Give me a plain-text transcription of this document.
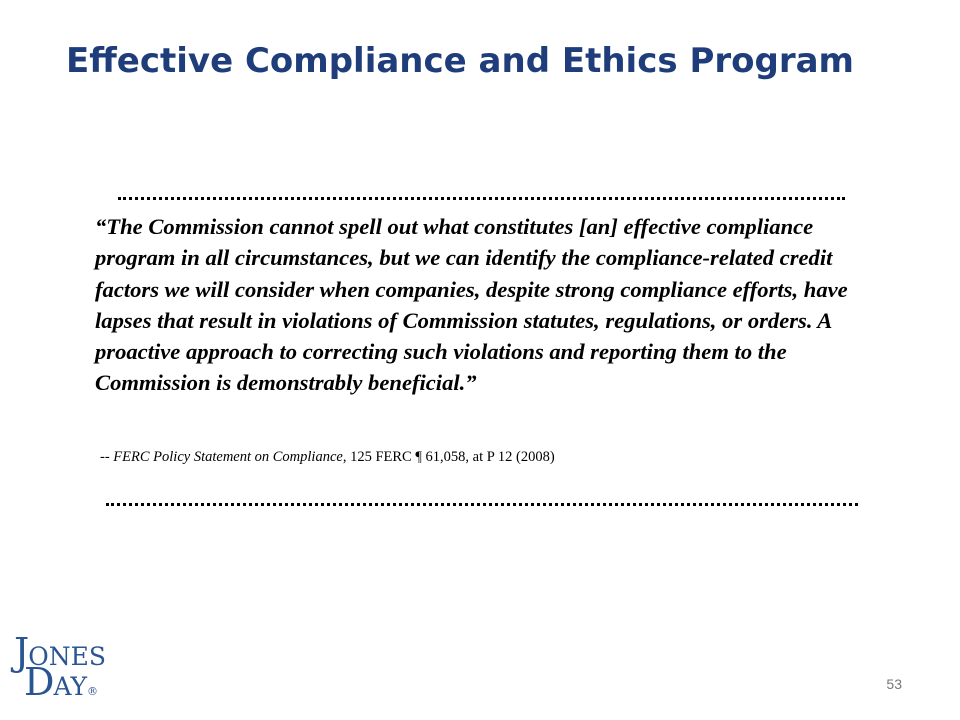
Effective Compliance and Ethics Program

“The Commission cannot spell out what constitutes [an] effective compliance program in all circumstances, but we can identify the compliance-related credit factors we will consider when companies, despite strong compliance efforts, have lapses that result in violations of Commission statutes, regulations, or orders. A proactive approach to correcting such violations and reporting them to the Commission is demonstrably beneficial.”

-- FERC Policy Statement on Compliance, 125 FERC ¶ 61,058, at P 12 (2008)

JONES
DAY®	53
